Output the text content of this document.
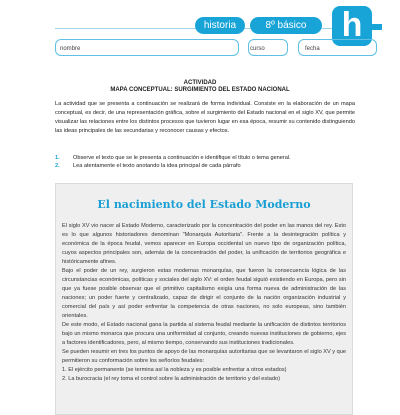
historia	8º básico	h
nombre	curso	fecha
ACTIVIDAD
MAPA CONCEPTUAL: SURGIMIENTO DEL ESTADO NACIONAL
La actividad que se presenta a continuación se realizará de forma individual. Consiste en la elaboración de un mapa conceptual, es decir, de una representación gráfica, sobre el surgimiento del Estado nacional en el siglo XV, que permite visualizar las relaciones entre los distintos procesos que tuvieron lugar en esa época, resumir su contenido distinguiendo las ideas principales de las secundarias y reconocer causas y efectos.
1. Observe el texto que se le presenta a continuación e identifique el título o tema general.
2. Lea atentamente el texto anotando la idea principal de cada párrafo
El nacimiento del Estado Moderno

El siglo XV vio nacer al Estado Moderno, caracterizado por la concentración del poder en las manos del rey. Esto es lo que algunos historiadores denominan "Monarquía Autoritaria". Frente a la desintegración política y económica de la época feudal, vemos aparecer en Europa occidental un nuevo tipo de organización política, cuyos aspectos principales son, además de la concentración del poder, la unificación de territorios geográfica e históricamente afines.

Bajo el poder de un rey, surgieron estas modernas monarquías, que fueron la consecuencia lógica de las circunstancias económicas, políticas y sociales del siglo XV: el orden feudal siguió existiendo en Europa, pero sin que ya fuese posible observar que el primitivo capitalismo exigía una forma nueva de administración de las naciones; un poder fuerte y centralizado, capaz de dirigir el conjunto de la nación organización industrial y comercial del país y así poder enfrentar la competencia de otras naciones, no solo europeas, sino también orientales.

De este modo, el Estado nacional gana la partida al sistema feudal mediante la unificación de distintos territorios bajo un mismo monarca que procura una uniformidad al conjunto, creando nuevas instituciones de gobierno, ejes a factores identificadores, pero, al mismo tiempo, conservando sus instituciones tradicionales.

Se pueden resumir en tres los puntos de apoyo de las monarquías autoritarias que se levantaron el siglo XV y que permitieron su conformación sobre los señoríos feudales:

1. El ejército permanente (se termina así la nobleza y es posible enfrentar a otros estados)

2. La burocracia (el rey toma el control sobre la administración de territorio y del estado)
